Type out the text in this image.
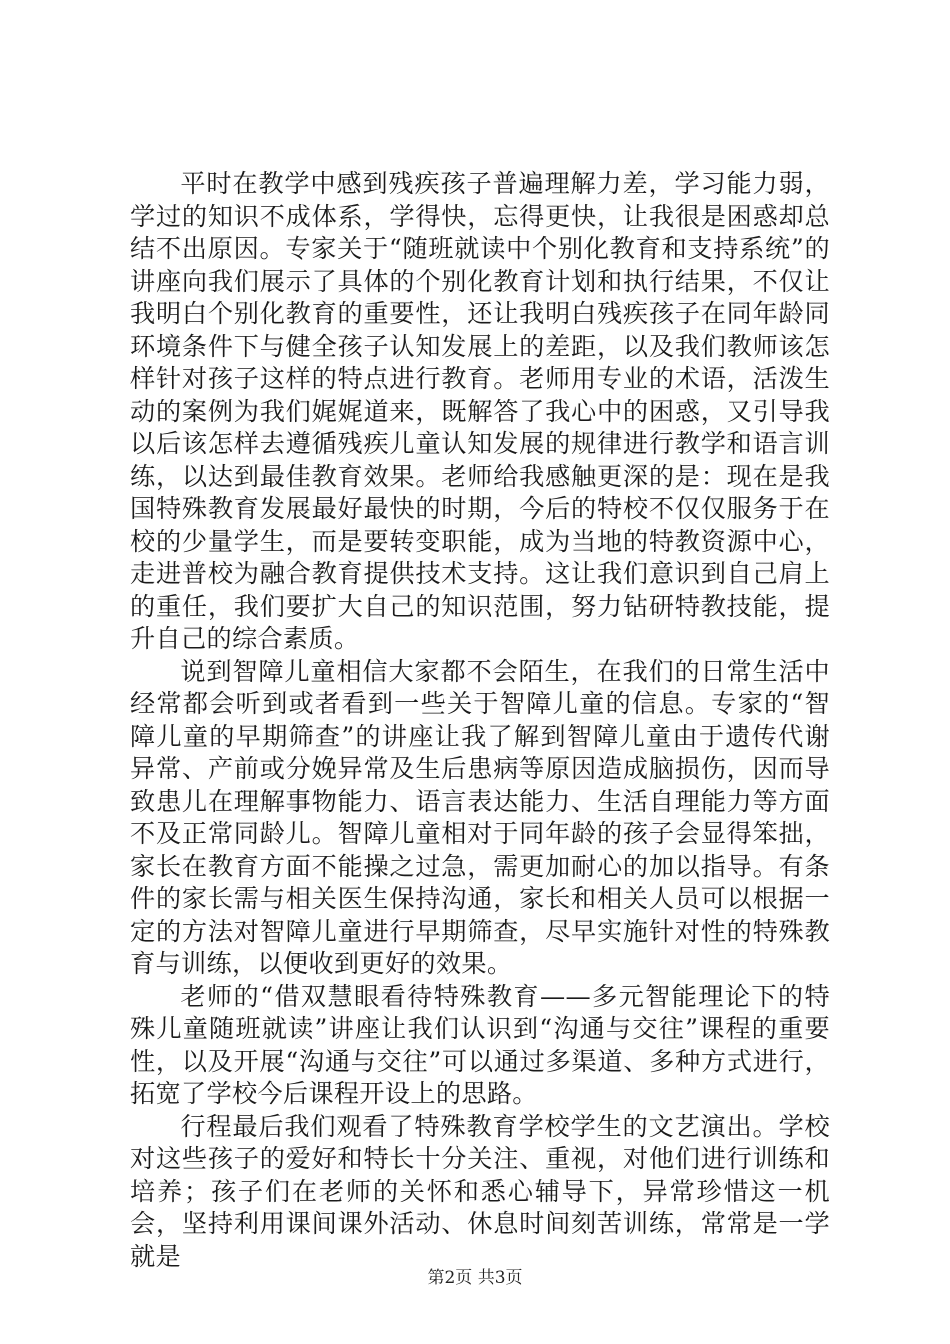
平时在教学中感到残疾孩子普遍理解力差，学习能力弱，学过的知识不成体系，学得快，忘得更快，让我很是困惑却总结不出原因。专家关于“随班就读中个别化教育和支持系统”的讲座向我们展示了具体的个别化教育计划和执行结果，不仅让我明白个别化教育的重要性，还让我明白残疾孩子在同年龄同环境条件下与健全孩子认知发展上的差距，以及我们教师该怎样针对孩子这样的特点进行教育。老师用专业的术语，活泼生动的案例为我们娓娓道来，既解答了我心中的困惑，又引导我以后该怎样去遵循残疾儿童认知发展的规律进行教学和语言训练，以达到最佳教育效果。老师给我感触更深的是：现在是我国特殊教育发展最好最快的时期，今后的特校不仅仅服务于在校的少量学生，而是要转变职能，成为当地的特教资源中心，走进普校为融合教育提供技术支持。这让我们意识到自己肩上的重任，我们要扩大自己的知识范围，努力钻研特教技能，提升自己的综合素质。

说到智障儿童相信大家都不会陌生，在我们的日常生活中经常都会听到或者看到一些关于智障儿童的信息。专家的“智障儿童的早期筛查”的讲座让我了解到智障儿童由于遗传代谢异常、产前或分娩异常及生后患病等原因造成脑损伤，因而导致患儿在理解事物能力、语言表达能力、生活自理能力等方面不及正常同龄儿。智障儿童相对于同年龄的孩子会显得笨拙，家长在教育方面不能操之过急，需更加耐心的加以指导。有条件的家长需与相关医生保持沟通，家长和相关人员可以根据一定的方法对智障儿童进行早期筛查，尽早实施针对性的特殊教育与训练，以便收到更好的效果。

老师的“借双慧眼看待特殊教育——多元智能理论下的特殊儿童随班就读”讲座让我们认识到“沟通与交往”课程的重要性，以及开展“沟通与交往”可以通过多渠道、多种方式进行，拓宽了学校今后课程开设上的思路。

行程最后我们观看了特殊教育学校学生的文艺演出。学校对这些孩子的爱好和特长十分关注、重视，对他们进行训练和培养；孩子们在老师的关怀和悉心辅导下，异常珍惜这一机会，坚持利用课间课外活动、休息时间刻苦训练，常常是一学就是

第2页 共3页
